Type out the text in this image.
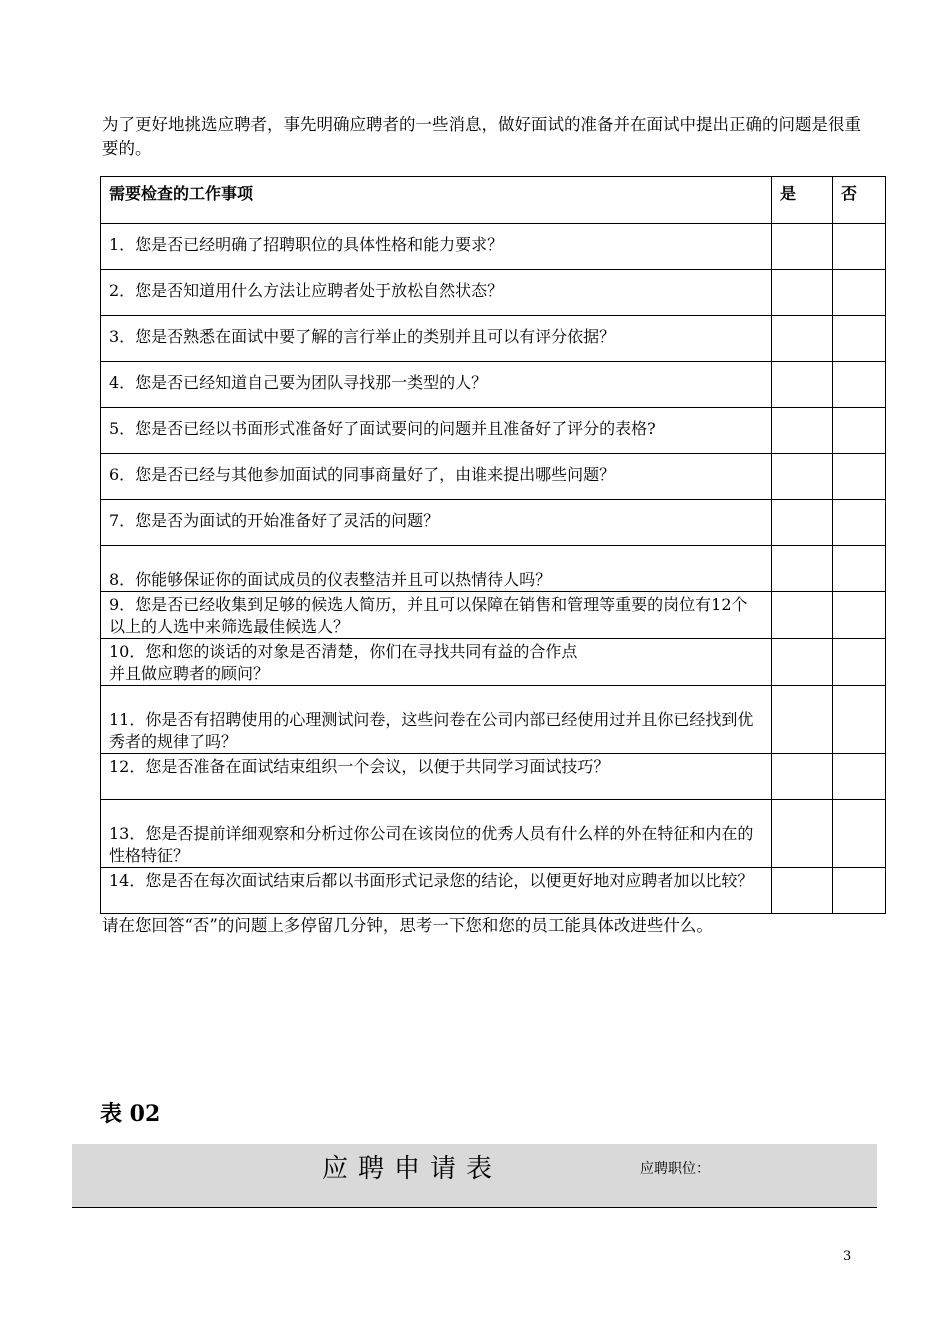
为了更好地挑选应聘者，事先明确应聘者的一些消息，做好面试的准备并在面试中提出正确的问题是很重要的。
需要检查的工作事项	是	否
1．您是否已经明确了招聘职位的具体性格和能力要求？		
2．您是否知道用什么方法让应聘者处于放松自然状态？		
3．您是否熟悉在面试中要了解的言行举止的类别并且可以有评分依据？		
4．您是否已经知道自己要为团队寻找那一类型的人？		
5．您是否已经以书面形式准备好了面试要问的问题并且准备好了评分的表格?		
6．您是否已经与其他参加面试的同事商量好了，由谁来提出哪些问题？		
7．您是否为面试的开始准备好了灵活的问题？		
8．你能够保证你的面试成员的仪表整洁并且可以热情待人吗？		
9．您是否已经收集到足够的候选人简历，并且可以保障在销售和管理等重要的岗位有12个以上的人选中来筛选最佳候选人？		
10．您和您的谈话的对象是否清楚，你们在寻找共同有益的合作点
并且做应聘者的顾问？		
11．你是否有招聘使用的心理测试问卷，这些问卷在公司内部已经使用过并且你已经找到优秀者的规律了吗？		
12．您是否准备在面试结束组织一个会议，以便于共同学习面试技巧？		
13．您是否提前详细观察和分析过你公司在该岗位的优秀人员有什么样的外在特征和内在的性格特征？		
14．您是否在每次面试结束后都以书面形式记录您的结论，以便更好地对应聘者加以比较？		
请在您回答“否”的问题上多停留几分钟，思考一下您和您的员工能具体改进些什么。
表 02
应聘申请表	应聘职位：
3
